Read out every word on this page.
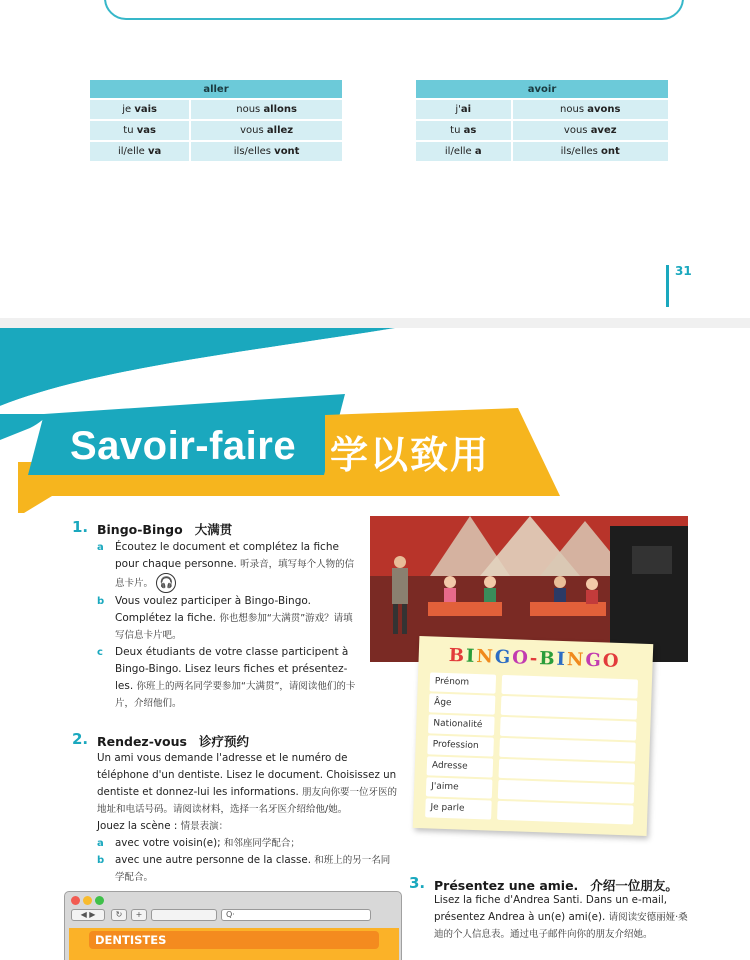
aller	
je vais	nous allons
tu vas	vous allez
il/elle va	ils/elles vont
avoir	
j'ai	nous avons
tu as	vous avez
il/elle a	ils/elles ont
31
Savoir-faire 学以致用
1. Bingo-Bingo 大满贯
a Écoutez le document et complétez la fiche pour chaque personne. 听录音，填写每个人物的信息卡片。 🎧
b Vous voulez participer à Bingo-Bingo. Complétez la fiche. 你也想参加“大满贯”游戏？请填写信息卡片吧。
c Deux étudiants de votre classe participent à Bingo-Bingo. Lisez leurs fiches et présentez-les. 你班上的两名同学要参加“大满贯”，请阅读他们的卡片，介绍他们。
2. Rendez-vous 诊疗预约
Un ami vous demande l'adresse et le numéro de téléphone d'un dentiste. Lisez le document. Choisissez un dentiste et donnez-lui les informations. 朋友向你要一位牙医的地址和电话号码。请阅读材料，选择一名牙医介绍给他/她。
Jouez la scène : 情景表演：
a avec votre voisin(e); 和邻座同学配合；
b avec une autre personne de la classe. 和班上的另一名同学配合。
BINGO-BINGO
Prénom
Âge
Nationalité
Profession
Adresse
J'aime
Je parle
3. Présentez une amie. 介绍一位朋友。
Lisez la fiche d'Andrea Santi. Dans un e-mail, présentez Andrea à un(e) ami(e). 请阅读安德丽娅·桑迪的个人信息表。通过电子邮件向你的朋友介绍她。
◀ ▶	↻	+	Q·
DENTISTES
